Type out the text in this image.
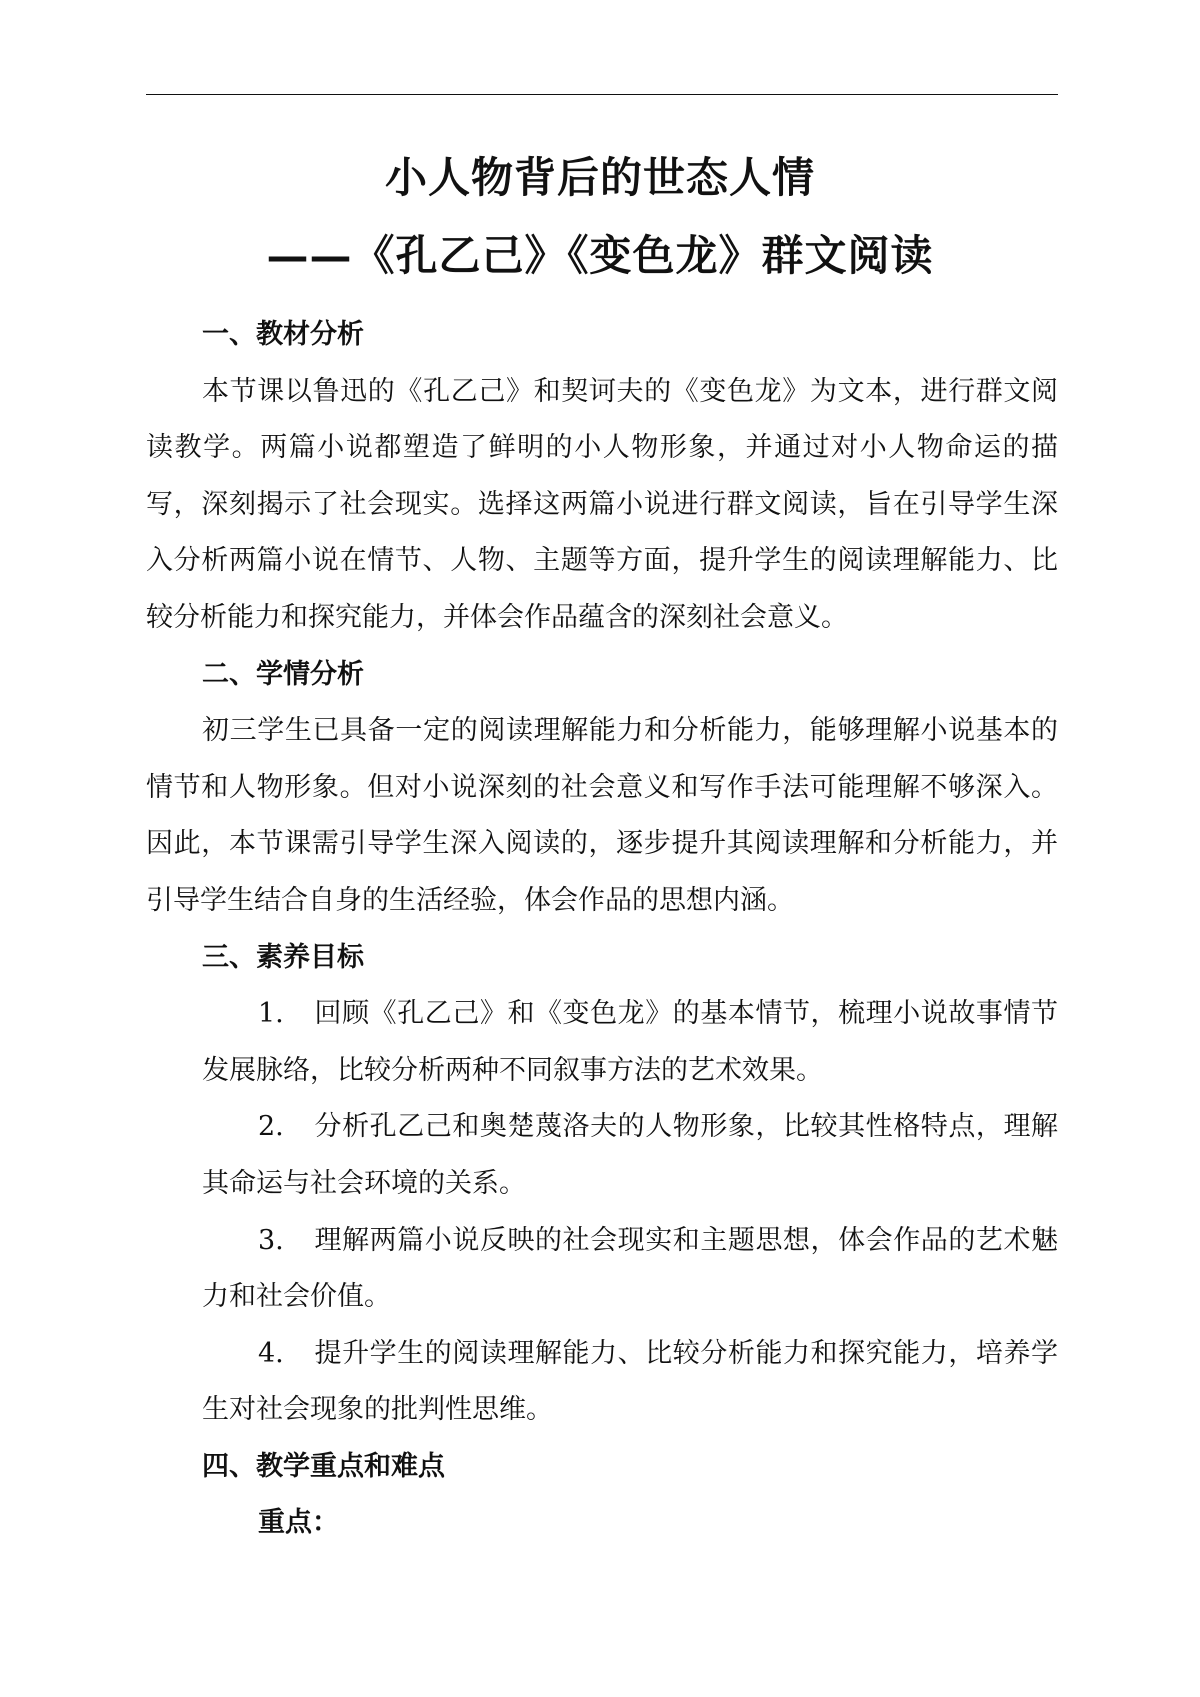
小人物背后的世态人情
——《孔乙己》《变色龙》群文阅读

一、教材分析

本节课以鲁迅的《孔乙己》和契诃夫的《变色龙》为文本，进行群文阅读教学。两篇小说都塑造了鲜明的小人物形象，并通过对小人物命运的描写，深刻揭示了社会现实。选择这两篇小说进行群文阅读，旨在引导学生深入分析两篇小说在情节、人物、主题等方面，提升学生的阅读理解能力、比较分析能力和探究能力，并体会作品蕴含的深刻社会意义。

二、学情分析

初三学生已具备一定的阅读理解能力和分析能力，能够理解小说基本的情节和人物形象。但对小说深刻的社会意义和写作手法可能理解不够深入。因此，本节课需引导学生深入阅读的，逐步提升其阅读理解和分析能力，并引导学生结合自身的生活经验，体会作品的思想内涵。

三、素养目标

1. 回顾《孔乙己》和《变色龙》的基本情节，梳理小说故事情节发展脉络，比较分析两种不同叙事方法的艺术效果。
2. 分析孔乙己和奥楚蔑洛夫的人物形象，比较其性格特点，理解其命运与社会环境的关系。
3. 理解两篇小说反映的社会现实和主题思想，体会作品的艺术魅力和社会价值。
4. 提升学生的阅读理解能力、比较分析能力和探究能力，培养学生对社会现象的批判性思维。

四、教学重点和难点

重点：
